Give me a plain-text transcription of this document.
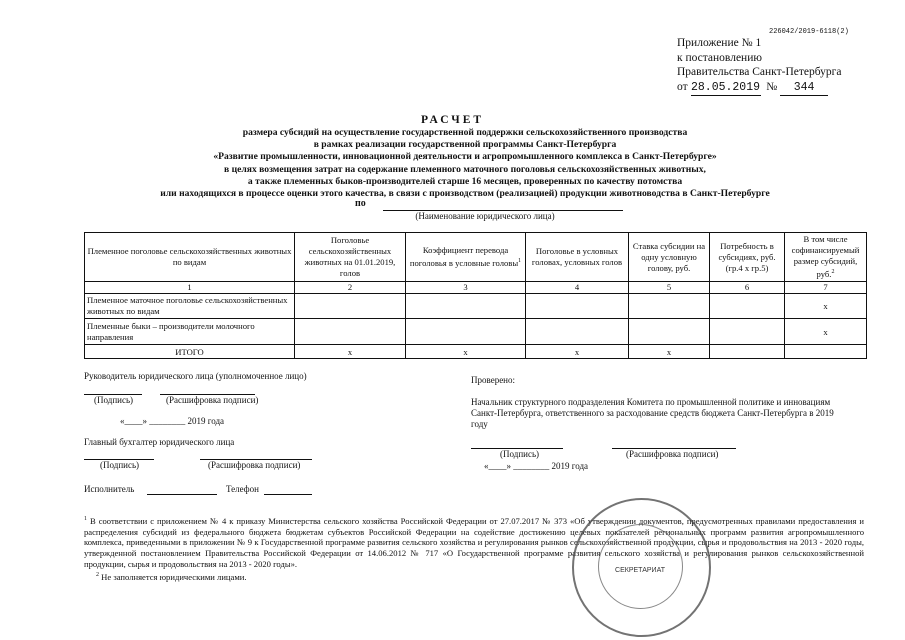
226042/2019-6118(2)
Приложение № 1
к постановлению
Правительства Санкт-Петербурга
от 28.05.2019 № 344
РАСЧЕТ
размера субсидий на осуществление государственной поддержки сельскохозяйственного производства
в рамках реализации государственной программы Санкт-Петербурга
«Развитие промышленности, инновационной деятельности и агропромышленного комплекса в Санкт-Петербурге»
в целях возмещения затрат на содержание племенного маточного поголовья сельскохозяйственных животных,
а также племенных быков-производителей старше 16 месяцев, проверенных по качеству потомства
или находящихся в процессе оценки этого качества, в связи с производством (реализацией) продукции животноводства в Санкт-Петербурге
по
(Наименование юридического лица)
Племенное поголовье сельскохозяйственных животных по видам	Поголовье сельскохозяйственных животных на 01.01.2019, голов	Коэффициент перевода поголовья в условные головы$^1$	Поголовье в условных головах, условных голов	Ставка субсидии на одну условную голову, руб.	Потребность в субсидиях, руб. (гр.4 х гр.5)	В том числе софинансируемый размер субсидий, руб.$^2$
1	2	3	4	5	6	7
Племенное маточное поголовье сельскохозяйственных животных по видам						x
Племенные быки – производители молочного направления						x
ИТОГО	x	x	x	x		
Руководитель юридического лица (уполномоченное лицо)
(Подпись)	(Расшифровка подписи)
«____» ________ 2019 года
Главный бухгалтер юридического лица
(Подпись)	(Расшифровка подписи)
Исполнитель	Телефон
Проверено:
Начальник структурного подразделения Комитета по промышленной политике и инновациям Санкт-Петербурга, ответственного за расходование средств бюджета Санкт-Петербурга в 2019 году
(Подпись)	(Расшифровка подписи)
«____» ________ 2019 года
$^1$ В соответствии с приложением № 4 к приказу Министерства сельского хозяйства Российской Федерации от 27.07.2017 № 373 «Об утверждении документов, предусмотренных правилами предоставления и распределения субсидий из федерального бюджета бюджетам субъектов Российской Федерации на содействие достижению целевых показателей региональных программ развития агропромышленного комплекса, приведенными в приложении № 9 к Государственной программе развития сельского хозяйства и регулирования рынков сельскохозяйственной продукции, сырья и продовольствия на 2013 - 2020 годы, утвержденной постановлением Правительства Российской Федерации от 14.06.2012 № 717 «О Государственной программе развития сельского хозяйства и регулирования рынков сельскохозяйственной продукции, сырья и продовольствия на 2013 - 2020 годы».
$^2$ Не заполняется юридическими лицами.
СЕКРЕТАРИАТ
